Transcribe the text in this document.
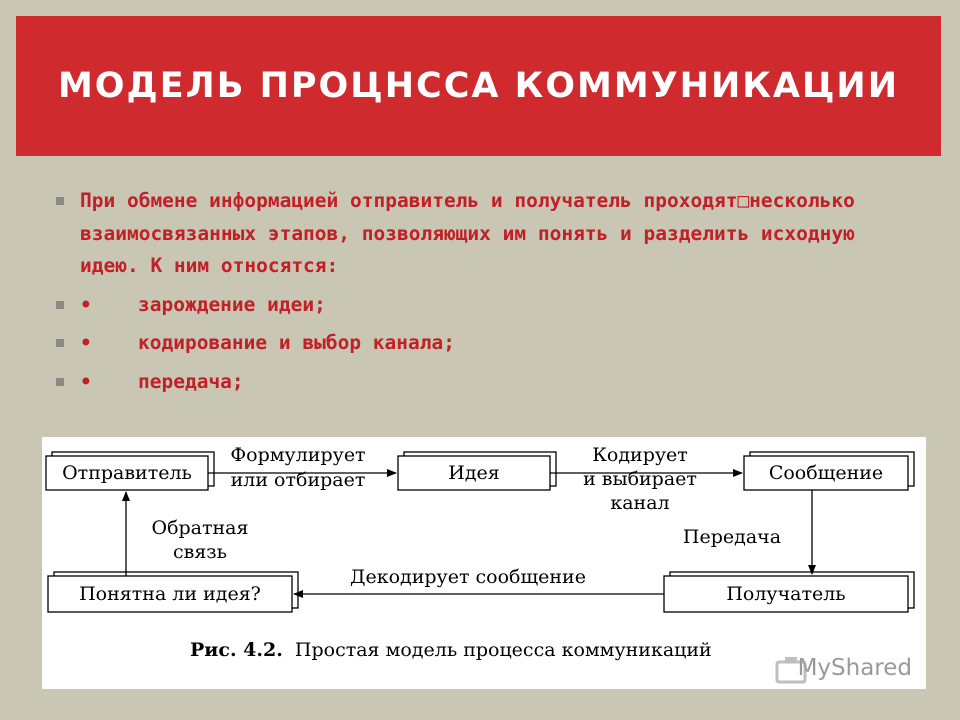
МОДЕЛЬ ПРОЦНССА КОММУНИКАЦИИ
При обмене информацией отправитель и получатель проходят□несколько взаимосвязанных этапов, позволяющих им понять и разделить исходную идею. К ним относятся:
• зарождение идеи;
• кодирование и выбор канала;
• передача;
Отправитель	Идея	Сообщение
Получатель
Понятна ли идея?
Формулирует
или отбирает
Кодирует
и выбирает
канал
Передача
Декодирует сообщение
Обратная
связь
Рис. 4.2. Простая модель процесса коммуникаций
MyShared
